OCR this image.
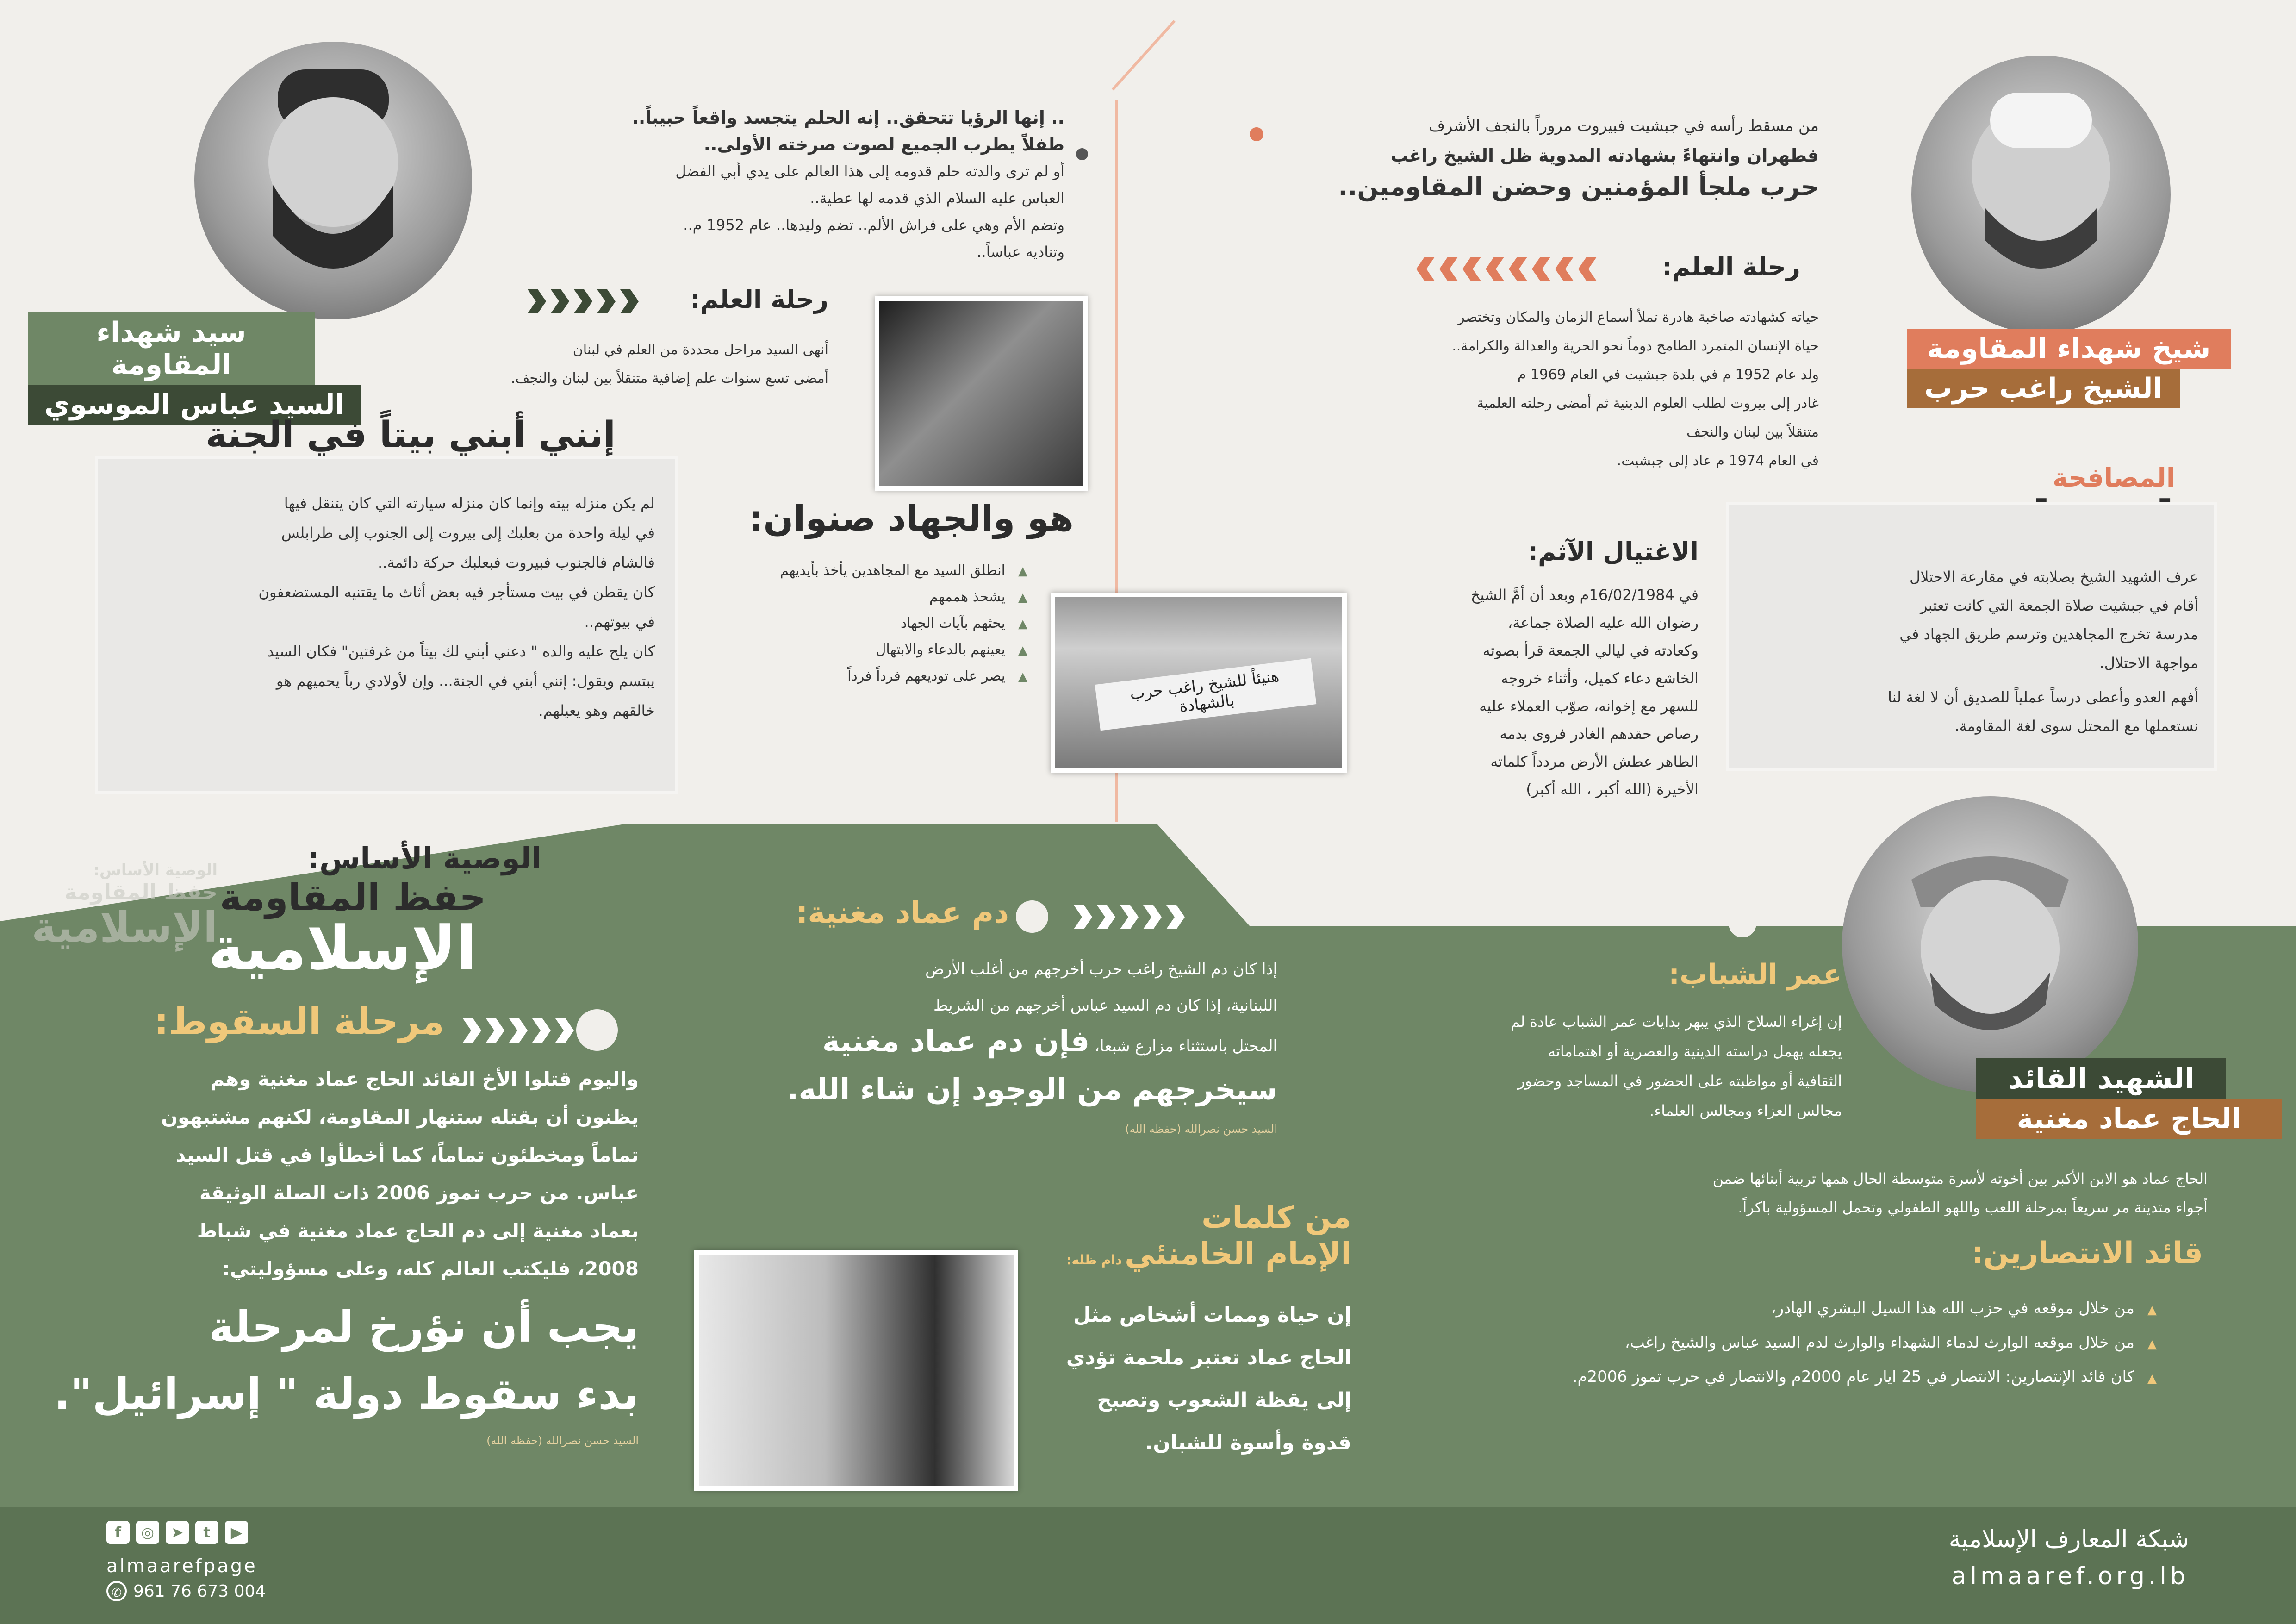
شيخ شهداء المقاومة
الشيخ راغب حرب
من مسقط رأسه في جبشيت فبيروت مروراً بالنجف الأشرف
فطهران وانتهاءً بشهادته المدوية ظل الشيخ راغب
حرب ملجأ المؤمنين وحضن المقاومين..
رحلة العلم:
حياته كشهادته صاخبة هادرة تملأ أسماع الزمان والمكان وتختصر
حياة الإنسان المتمرد الطامح دوماً نحو الحرية والعدالة والكرامة..
ولد عام 1952 م في بلدة جبشيت في العام 1969 م
غادر إلى بيروت لطلب العلوم الدينية ثم أمضى رحلته العلمية
متنقلاً بين لبنان والنجف
في العام 1974 م عاد إلى جبشيت.
المصافحة
عرف الشهيد الشيخ بصلابته في مقارعة الاحتلال
أقام في جبشيت صلاة الجمعة التي كانت تعتبر
مدرسة تخرج المجاهدين وترسم طريق الجهاد في
مواجهة الاحتلال.
أفهم العدو وأعطى درساً عملياً للصديق أن لا لغة لنا
نستعملها مع المحتل سوى لغة المقاومة.
الاغتيال الآثم:
في 16/02/1984م وبعد أن أمَّ الشيخ
رضوان الله عليه الصلاة جماعة،
وكعادته في ليالي الجمعة قرأ بصوته
الخاشع دعاء كميل، وأثناء خروجه
للسهر مع إخوانه، صوّب العملاء عليه
رصاص حقدهم الغادر فروى بدمه
الطاهر عطش الأرض مردداً كلماته
الأخيرة (الله أكبر ، الله أكبر)
هنيئاً للشيخ راغب حرب بالشهادة
سيد شهداء المقاومة
السيد عباس الموسوي
.. إنها الرؤيا تتحقق.. إنه الحلم يتجسد واقعاً حبيباً..
طفلاً يطرب الجميع لصوت صرخته الأولى..
أو لم ترى والدته حلم قدومه إلى هذا العالم على يدي أبي الفضل
العباس عليه السلام الذي قدمه لها عطية..
وتضم الأم وهي على فراش الألم.. تضم وليدها.. عام 1952 م..
وتناديه عباساً..
رحلة العلم:
أنهى السيد مراحل محددة من العلم في لبنان
أمضى تسع سنوات علم إضافية متنقلاً بين لبنان والنجف.
إنني أبني بيتاً في الجنة
لم يكن منزله بيته وإنما كان منزله سيارته التي كان يتنقل فيها
في ليلة واحدة من بعلبك إلى بيروت إلى الجنوب إلى طرابلس
فالشام فالجنوب فبيروت فبعلبك حركة دائمة..
كان يقطن في بيت مستأجر فيه بعض أثاث ما يقتنيه المستضعفون
في بيوتهم..
كان يلح عليه والده " دعني أبني لك بيتاً من غرفتين" فكان السيد
يبتسم ويقول: إنني أبني في الجنة... وإن لأولادي رباً يحميهم هو
خالقهم وهو يعيلهم.
هو والجهاد صنوان:
▲ انطلق السيد مع المجاهدين يأخذ بأيديهم
▲ يشحذ هممهم
▲ يحثهم بآيات الجهاد
▲ يعينهم بالدعاء والابتهال
▲ يصر على توديعهم فرداً فرداً
الوصية الأساس:
حفظ المقاومة
الإسلامية
الوصية الأساس:
حفظ المقاومة
الإسلامية
مرحلة السقوط:
واليوم قتلوا الأخ القائد الحاج عماد مغنية وهم
يظنون أن بقتله ستنهار المقاومة، لكنهم مشتبهون
تماماً ومخطئون تماماً، كما أخطأوا في قتل السيد
عباس. من حرب تموز 2006 ذات الصلة الوثيقة
بعماد مغنية إلى دم الحاج عماد مغنية في شباط
2008، فليكتب العالم كله، وعلى مسؤوليتي:
يجب أن نؤرخ لمرحلة
بدء سقوط دولة " إسرائيل".
السيد حسن نصرالله (حفظه الله)
دم عماد مغنية:
إذا كان دم الشيخ راغب حرب أخرجهم من أغلب الأرض
اللبنانية، إذا كان دم السيد عباس أخرجهم من الشريط
المحتل باستثناء مزارع شبعا، فإن دم عماد مغنية
سيخرجهم من الوجود إن شاء الله.
السيد حسن نصرالله (حفظه الله)
من كلمات
الإمام الخامنئي دام ظله:
إن حياة وممات أشخاص مثل
الحاج عماد تعتبر ملحمة تؤدي
إلى يقظة الشعوب وتصبح
قدوة وأسوة للشبان.
الشهيد القائد
الحاج عماد مغنية
عمر الشباب:
إن إغراء السلاح الذي يبهر بدايات عمر الشباب عادة لم
يجعله يهمل دراسته الدينية والعصرية أو اهتماماته
الثقافية أو مواظبته على الحضور في المساجد وحضور
مجالس العزاء ومجالس العلماء.
الحاج عماد هو الابن الأكبر بين أخوته لأسرة متوسطة الحال همها تربية أبنائها ضمن
أجواء متدينة مر سريعاً بمرحلة اللعب واللهو الطفولي وتحمل المسؤولية باكراً.
قائد الانتصارين:
▲ من خلال موقعه في حزب الله هذا السيل البشري الهادر،
▲ من خلال موقعه الوارث لدماء الشهداء والوارث لدم السيد عباس والشيخ راغب،
▲ كان قائد الإنتصارين: الانتصار في 25 ايار عام 2000م والانتصار في حرب تموز 2006م.
f	◎	➤	t	▶
almaarefpage
✆ 961 76 673 004
شبكة المعارف الإسلامية
almaaref.org.lb
